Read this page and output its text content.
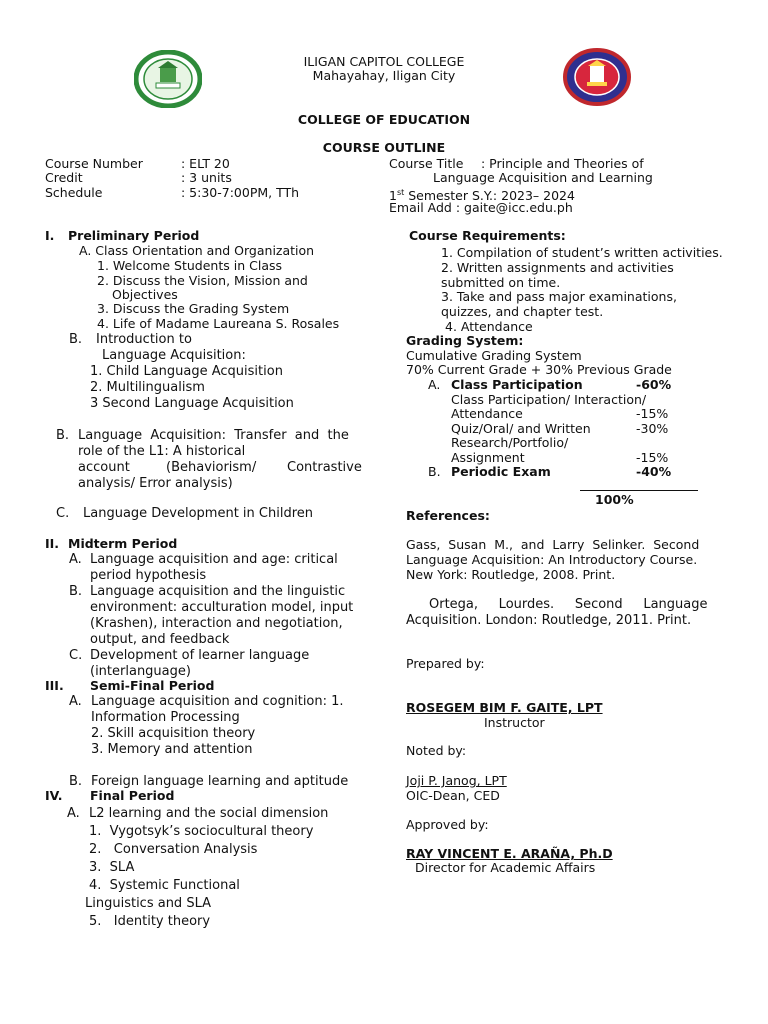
ILIGAN CAPITOL COLLEGE
Mahayahay, Iligan City
COLLEGE OF EDUCATION
COURSE OUTLINE
Course Number	: ELT 20
Credit	: 3 units
Schedule	: 5:30-7:00PM, TTh
Course Title : Principle and Theories of
Language Acquisition and Learning
1st Semester S.Y.: 2023– 2024
Email Add : gaite@icc.edu.ph
I. Preliminary Period
A. Class Orientation and Organization
1. Welcome Students in Class
2. Discuss the Vision, Mission and
Objectives
3. Discuss the Grading System
4. Life of Madame Laureana S. Rosales
B. Introduction to
Language Acquisition:
1. Child Language Acquisition
2. Multilingualism
3 Second Language Acquisition
B. Language  Acquisition:  Transfer  and  the
role of the L1: A historical
account	(Behaviorism/ Contrastive
analysis/ Error analysis)
C. Language Development in Children
II. Midterm Period
A. Language acquisition and age: critical
period hypothesis
B. Language acquisition and the linguistic
environment: acculturation model, input
(Krashen), interaction and negotiation,
output, and feedback
C. Development of learner language
(interlanguage)
III. Semi-Final Period
A. Language acquisition and cognition: 1.
Information Processing
2. Skill acquisition theory
3. Memory and attention
B. Foreign language learning and aptitude
IV. Final Period
A. L2 learning and the social dimension
1.  Vygotsyk’s sociocultural theory
2.   Conversation Analysis
3.  SLA
4.  Systemic Functional
Linguistics and SLA
5.   Identity theory
Course Requirements:
1. Compilation of student’s written activities.
2. Written assignments and activities
submitted on time.
3. Take and pass major examinations,
quizzes, and chapter test.
4. Attendance
Grading System:
Cumulative Grading System
70% Current Grade + 30% Previous Grade
A. Class Participation	-60%
Class Participation/ Interaction/
Attendance	-15%
Quiz/Oral/ and Written	-30%
Research/Portfolio/
Assignment	-15%
B. Periodic Exam	-40%
100%
References:
Gass,  Susan  M.,  and  Larry  Selinker.  Second
Language Acquisition: An Introductory Course.
New York: Routledge, 2008. Print.
Ortega,     Lourdes.     Second     Language
Acquisition. London: Routledge, 2011. Print.
Prepared by:
ROSEGEM BIM F. GAITE, LPT
Instructor
Noted by:
Joji P. Janog, LPT
OIC-Dean, CED
Approved by:
RAY VINCENT E. ARAÑA, Ph.D
Director for Academic Affairs
